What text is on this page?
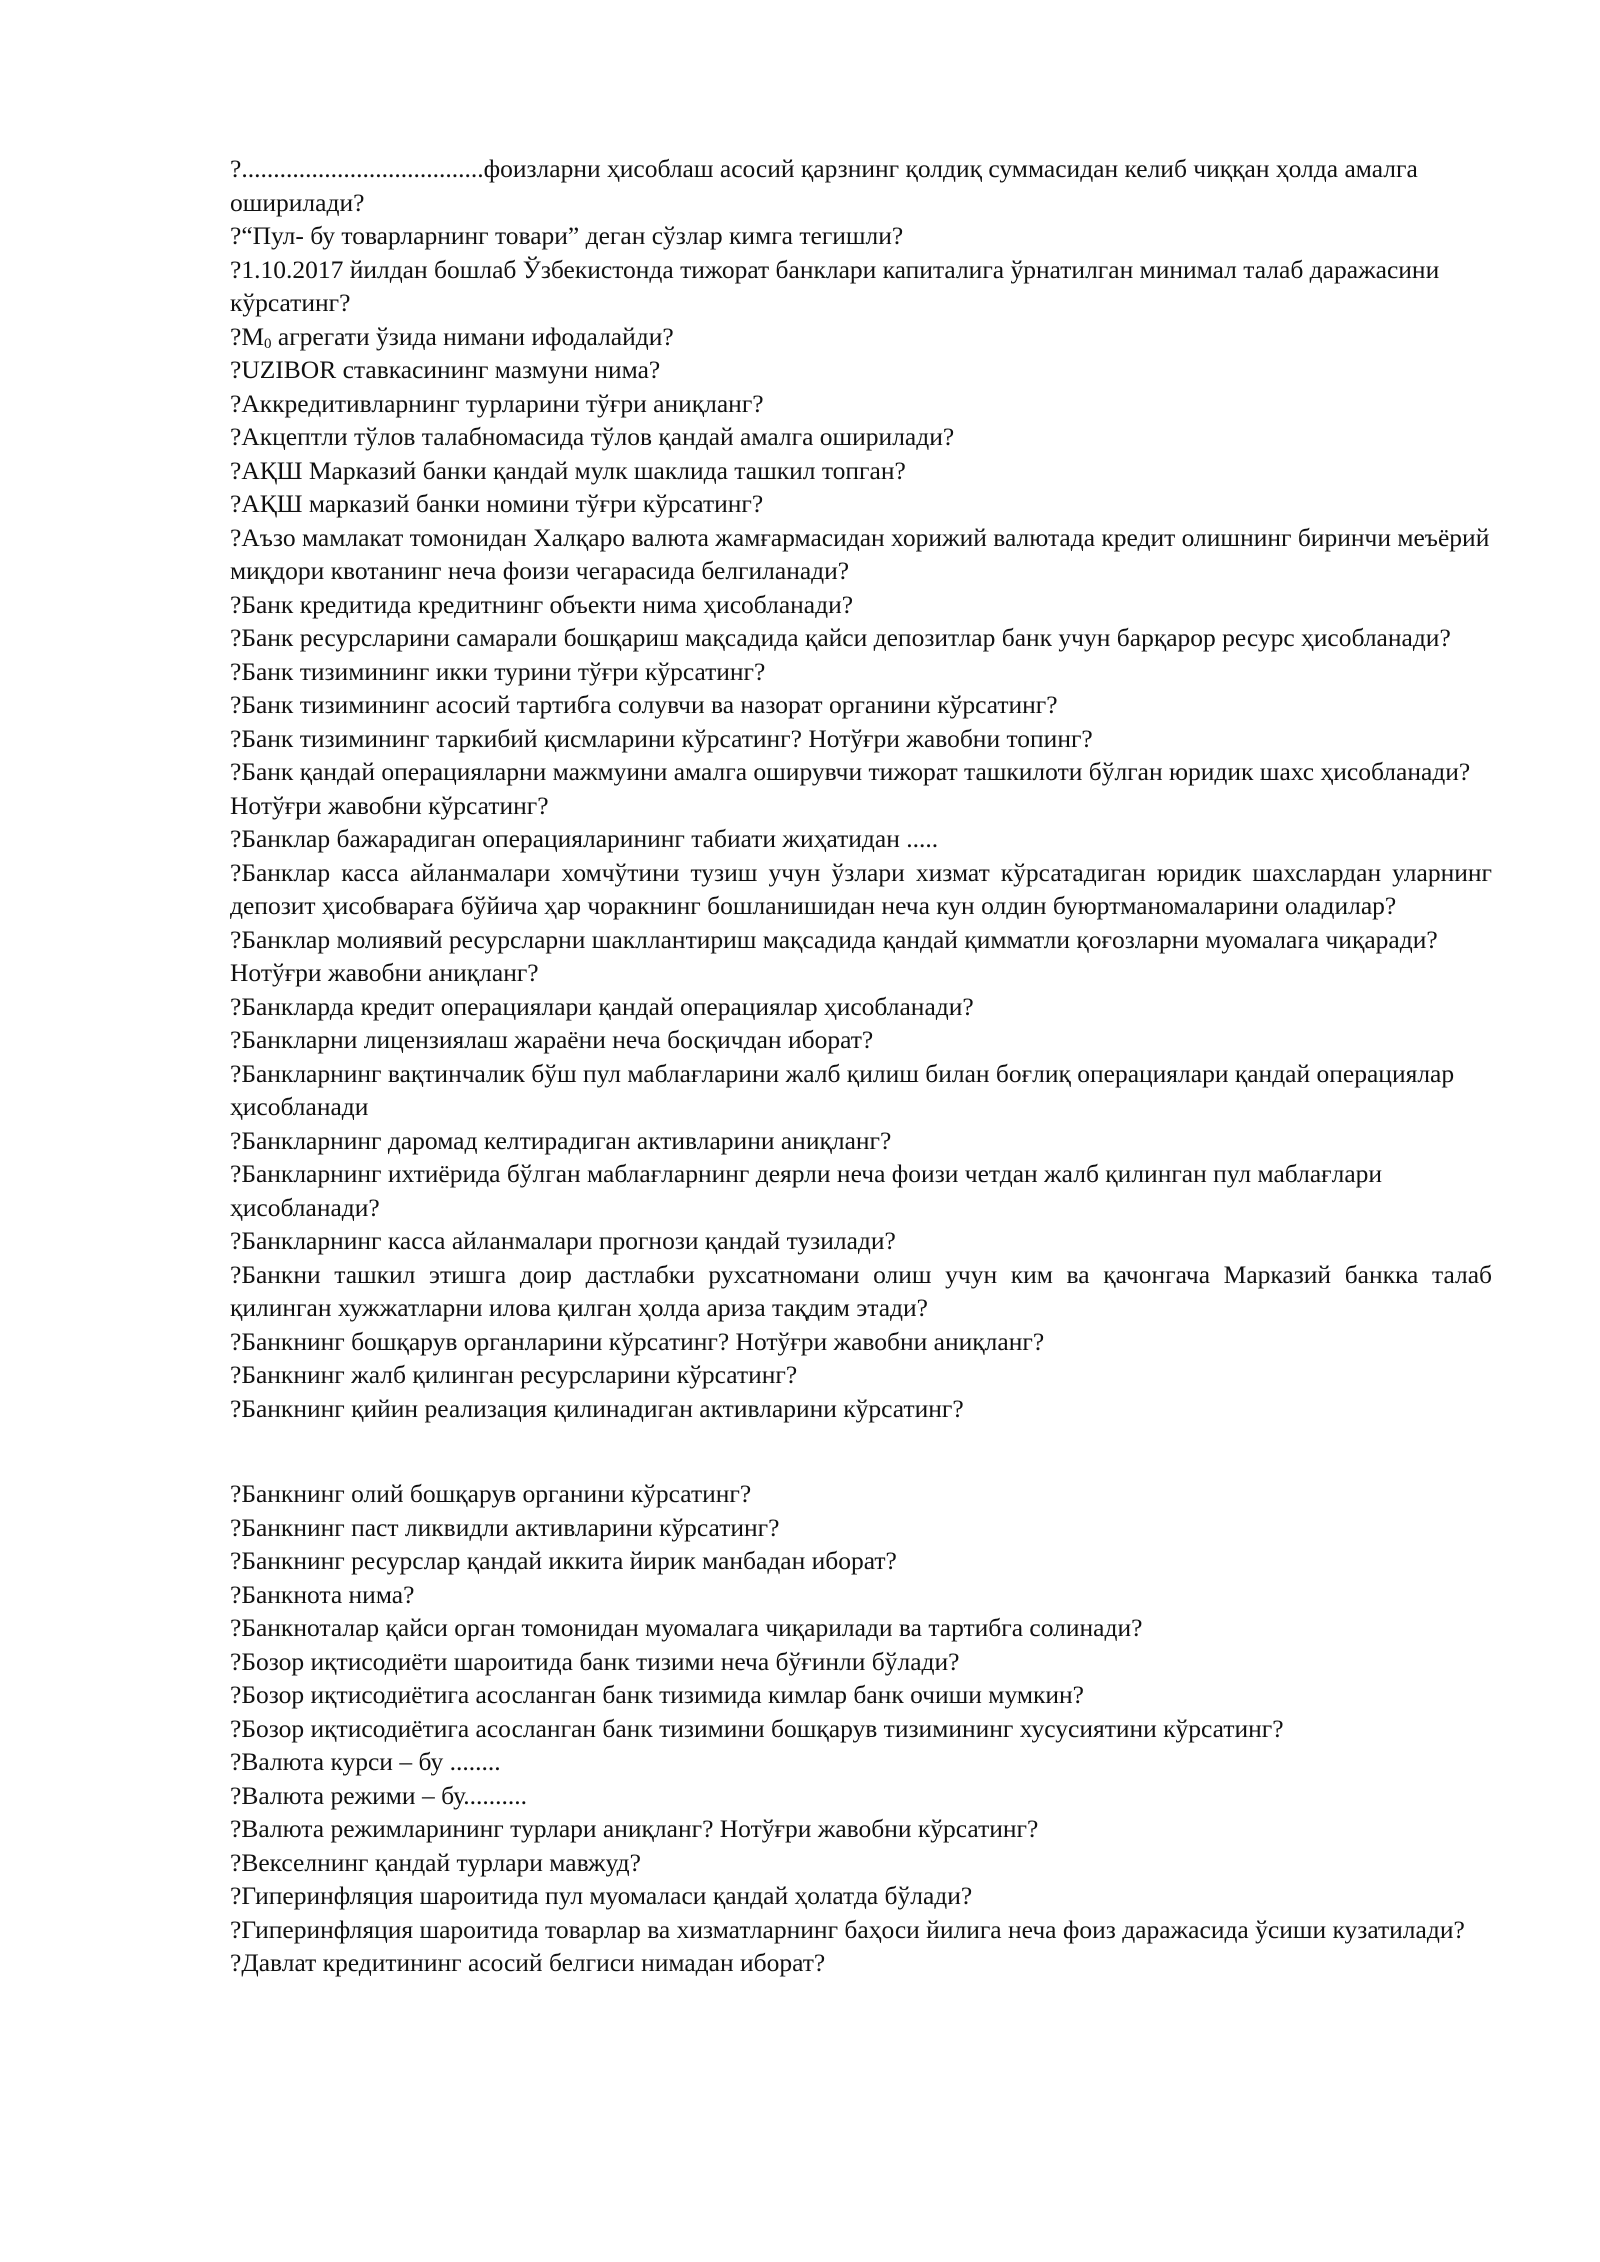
?......................................фоизларни ҳисоблаш асосий қарзнинг қолдиқ суммасидан келиб чиққан ҳолда амалга оширилади?

?“Пул- бу товарларнинг товари” деган сўзлар кимга тегишли?

?1.10.2017 йилдан бошлаб Ўзбекистонда тижорат банклари капиталига ўрнатилган минимал талаб даражасини кўрсатинг?

$?M_0$ агрегати ўзида нимани ифодалайди?

?UZIBOR ставкасининг мазмуни нима?

?Аккредитивларнинг турларини тўғри аниқланг?

?Акцептли тўлов талабномасида тўлов қандай амалга оширилади?

?АҚШ Марказий банки қандай мулк шаклида ташкил топган?

?АҚШ марказий банки номини тўғри кўрсатинг?

?Аъзо мамлакат томонидан Халқаро валюта жамғармасидан хорижий валютада кредит олишнинг биринчи меъёрий миқдори квотанинг неча фоизи чегарасида белгиланади?

?Банк кредитида кредитнинг объекти нима ҳисобланади?

?Банк ресурсларини самарали бошқариш мақсадида қайси депозитлар банк учун барқарор ресурс ҳисобланади?

?Банк тизимининг икки турини тўғри кўрсатинг?

?Банк тизимининг асосий тартибга солувчи ва назорат органини кўрсатинг?

?Банк тизимининг таркибий қисмларини кўрсатинг? Нотўғри жавобни топинг?

?Банк қандай операцияларни мажмуини амалга оширувчи тижорат ташкилоти бўлган юридик шахс ҳисобланади? Нотўғри жавобни кўрсатинг?

?Банклар бажарадиган операцияларининг табиати жиҳатидан .....

?Банклар касса айланмалари хомчўтини тузиш учун ўзлари хизмат кўрсатадиган юридик шахслардан уларнинг депозит ҳисобвараға бўйича ҳар чоракнинг бошланишидан неча кун олдин буюртманомаларини оладилар?

?Банклар молиявий ресурсларни шакллантириш мақсадида қандай қимматли қоғозларни муомалага чиқаради? Нотўғри жавобни аниқланг?

?Банкларда кредит операциялари қандай операциялар ҳисобланади?

?Банкларни лицензиялаш жараёни неча босқичдан иборат?

?Банкларнинг вақтинчалик бўш пул маблағларини жалб қилиш билан боғлиқ операциялари қандай операциялар ҳисобланади

?Банкларнинг даромад келтирадиган активларини аниқланг?

?Банкларнинг ихтиёрида бўлган маблағларнинг деярли неча фоизи четдан жалб қилинган пул маблағлари ҳисобланади?

?Банкларнинг касса айланмалари прогнози қандай тузилади?

?Банкни ташкил этишга доир дастлабки рухсатномани олиш учун ким ва қачонгача Марказий банкка талаб қилинган хужжатларни илова қилган ҳолда ариза тақдим этади?

?Банкнинг бошқарув органларини кўрсатинг? Нотўғри жавобни аниқланг?

?Банкнинг жалб қилинган ресурсларини кўрсатинг?

?Банкнинг қийин реализация қилинадиган активларини кўрсатинг?

?Банкнинг олий бошқарув органини кўрсатинг?

?Банкнинг паст ликвидли активларини кўрсатинг?

?Банкнинг ресурслар қандай иккита йирик манбадан иборат?

?Банкнота нима?

?Банкноталар қайси орган томонидан муомалага чиқарилади ва тартибга солинади?

?Бозор иқтисодиёти шароитида банк тизими неча бўғинли бўлади?

?Бозор иқтисодиётига асосланган банк тизимида кимлар банк очиши мумкин?

?Бозор иқтисодиётига асосланган банк тизимини бошқарув тизимининг хусусиятини кўрсатинг?

?Валюта курси – бу ........

?Валюта режими – бу..........

?Валюта режимларининг турлари аниқланг? Нотўғри жавобни кўрсатинг?

?Векселнинг қандай турлари мавжуд?

?Гиперинфляция шароитида пул муомаласи қандай ҳолатда бўлади?

?Гиперинфляция шароитида товарлар ва хизматларнинг баҳоси йилига неча фоиз даражасида ўсиши кузатилади?

?Давлат кредитининг асосий белгиси нимадан иборат?
